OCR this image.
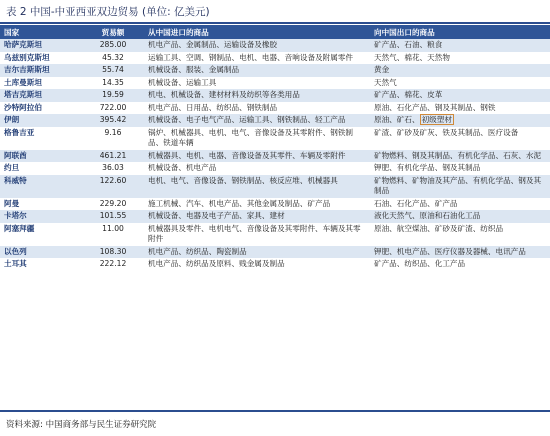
表 2 中国-中亚西亚双边贸易 (单位: 亿美元)
国家	贸易额	从中国进口的商品	向中国出口的商品
哈萨克斯坦	285.00	机电产品、金属制品、运输设备及橡胶	矿产品、石油、粮食
乌兹别克斯坦	45.32	运输工具、空调、钢制品、电机、电器、音响设备及附属零件	天然气、棉花、天然物
吉尔吉斯斯坦	55.74	机械设备、服装、金属制品	黄金
土库曼斯坦	14.35	机械设备、运输工具	天然气
塔吉克斯坦	19.59	机电、机械设备、建材材料及纺织等各类用品	矿产品、棉花、皮革
沙特阿拉伯	722.00	机电产品、日用品、纺织品、钢铁制品	原油、石化产品、钢及其制品、钢铁
伊朗	395.42	机械设备、电子电气产品、运输工具、钢铁制品、轻工产品	原油、矿石、 初级塑材
格鲁吉亚	9.16	锅炉、机械器具、电机、电气、音像设备及其零附件、钢铁制品、铁道车辆	矿渣、矿砂及矿灰、铁及其制品、医疗设备
阿联酋	461.21	机械器具、电机、电器、音像设备及其零件、车辆及零附件	矿物燃料、钢及其制品、有机化学品、石灰、水泥
约旦	36.03	机械设备、机电产品	钾肥、有机化学品、钢及其制品
科威特	122.60	电机、电气、音像设备、钢铁制品、核反应堆、机械器具	矿物燃料、矿物油及其产品、有机化学品、钢及其制品
阿曼	229.20	施工机械、汽车、机电产品、其他金属及制品、矿产品	石油、石化产品、矿产品
卡塔尔	101.55	机械设备、电器及电子产品、家具、建材	液化天然气、原油和石油化工品
阿塞拜疆	11.00	机械器具及零件、电机电气、音像设备及其零附件、车辆及其零附件	原油、航空煤油、矿砂及矿渣、纺织品
以色列	108.30	机电产品、纺织品、陶瓷制品	钾肥、机电产品、医疗仪器及器械、电讯产品
土耳其	222.12	机电产品、纺织品及原料、贱金属及制品	矿产品、纺织品、化工产品
资料来源: 中国商务部与民生证券研究院
